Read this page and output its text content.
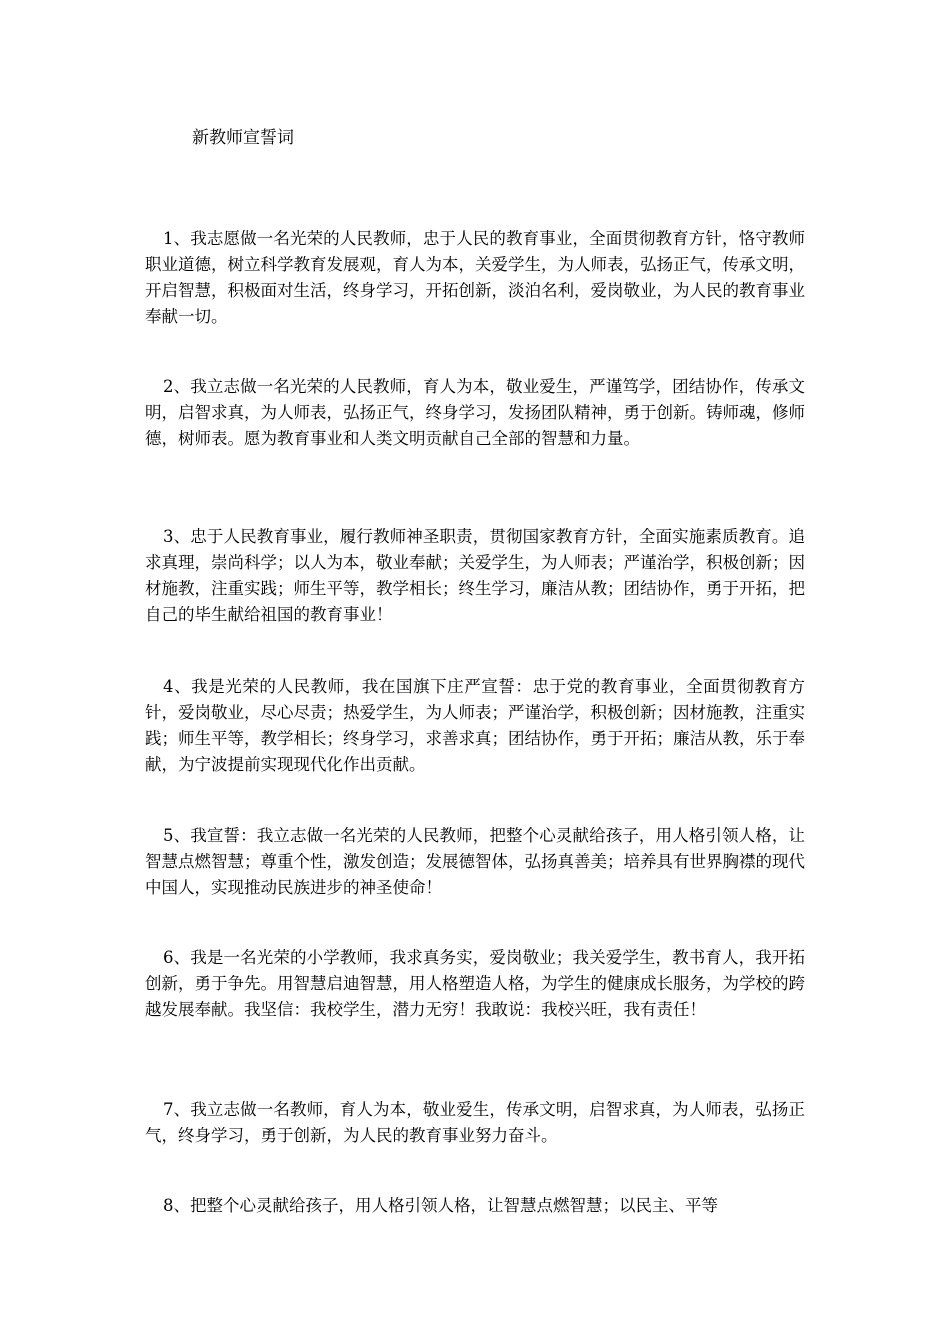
新教师宣誓词

1、我志愿做一名光荣的人民教师，忠于人民的教育事业，全面贯彻教育方针，恪守教师职业道德，树立科学教育发展观，育人为本，关爱学生，为人师表，弘扬正气，传承文明，开启智慧，积极面对生活，终身学习，开拓创新，淡泊名利，爱岗敬业，为人民的教育事业奉献一切。

2、我立志做一名光荣的人民教师，育人为本，敬业爱生，严谨笃学，团结协作，传承文明，启智求真，为人师表，弘扬正气，终身学习，发扬团队精神，勇于创新。铸师魂，修师德，树师表。愿为教育事业和人类文明贡献自己全部的智慧和力量。

3、忠于人民教育事业，履行教师神圣职责，贯彻国家教育方针，全面实施素质教育。追求真理，崇尚科学；以人为本，敬业奉献；关爱学生，为人师表；严谨治学，积极创新；因材施教，注重实践；师生平等，教学相长；终生学习，廉洁从教；团结协作，勇于开拓，把自己的毕生献给祖国的教育事业！

4、我是光荣的人民教师，我在国旗下庄严宣誓：忠于党的教育事业，全面贯彻教育方针，爱岗敬业，尽心尽责；热爱学生，为人师表；严谨治学，积极创新；因材施教，注重实践；师生平等，教学相长；终身学习，求善求真；团结协作，勇于开拓；廉洁从教，乐于奉献，为宁波提前实现现代化作出贡献。

5、我宣誓：我立志做一名光荣的人民教师，把整个心灵献给孩子，用人格引领人格，让智慧点燃智慧；尊重个性，激发创造；发展德智体，弘扬真善美；培养具有世界胸襟的现代中国人，实现推动民族进步的神圣使命！

6、我是一名光荣的小学教师，我求真务实，爱岗敬业；我关爱学生，教书育人，我开拓创新，勇于争先。用智慧启迪智慧，用人格塑造人格，为学生的健康成长服务，为学校的跨越发展奉献。我坚信：我校学生，潜力无穷！我敢说：我校兴旺，我有责任！

7、我立志做一名教师，育人为本，敬业爱生，传承文明，启智求真，为人师表，弘扬正气，终身学习，勇于创新，为人民的教育事业努力奋斗。

8、把整个心灵献给孩子，用人格引领人格，让智慧点燃智慧；以民主、平等
